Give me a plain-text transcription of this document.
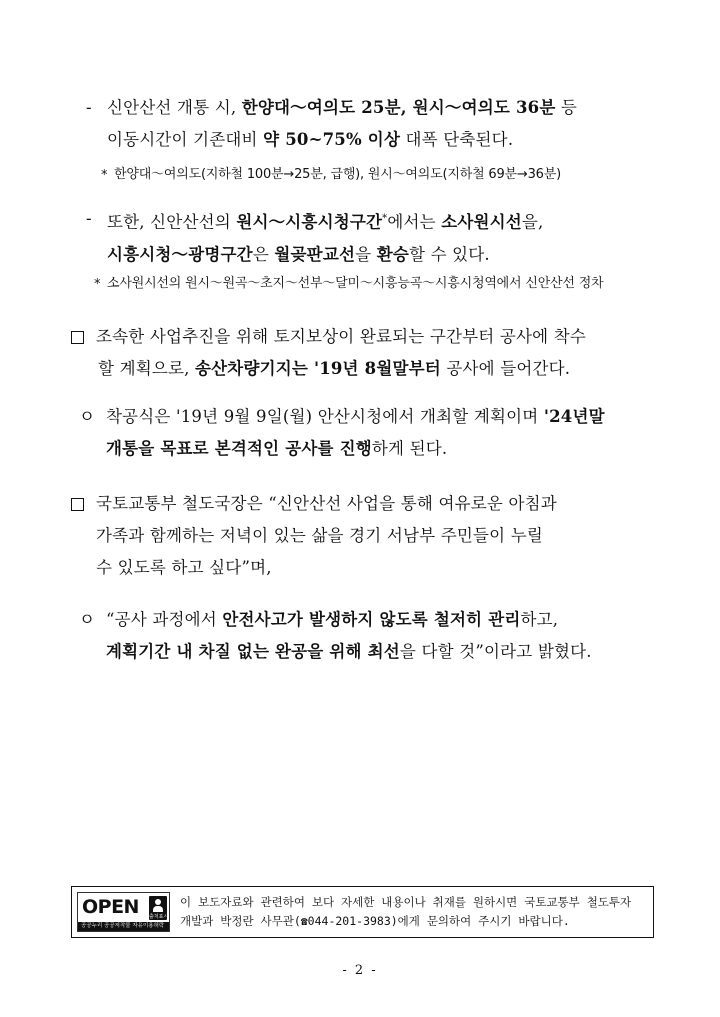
- 신안산선 개통 시, 한양대～여의도 25분, 원시～여의도 36분 등
이동시간이 기존대비 약 50~75% 이상 대폭 단축된다.
* 한양대～여의도(지하철 100분→25분, 급행), 원시～여의도(지하철 69분→36분)
- 또한, 신안산선의 원시～시흥시청구간*에서는 소사원시선을,
시흥시청～광명구간은 월곶판교선을 환승할 수 있다.
* 소사원시선의 원시～원곡～초지～선부～달미～시흥능곡～시흥시청역에서 신안산선 정차
조속한 사업추진을 위해 토지보상이 완료되는 구간부터 공사에 착수
할 계획으로, 송산차량기지는 '19년 8월말부터 공사에 들어간다.
ㅇ 착공식은 '19년 9월 9일(월) 안산시청에서 개최할 계획이며 '24년말
개통을 목표로 본격적인 공사를 진행하게 된다.
국토교통부 철도국장은 “신안산선 사업을 통해 여유로운 아침과
가족과 함께하는 저녁이 있는 삶을 경기 서남부 주민들이 누릴
수 있도록 하고 싶다”며,
ㅇ “공사 과정에서 안전사고가 발생하지 않도록 철저히 관리하고,
계획기간 내 차질 없는 완공을 위해 최선을 다할 것”이라고 밝혔다.
OPEN 출처표시
공공누리 공공저작물 자유이용허락
이 보도자료와 관련하여 보다 자세한 내용이나 취재를 원하시면 국토교통부 철도투자
개발과 박정란 사무관(☎044-201-3983)에게 문의하여 주시기 바랍니다.
- 2 -
